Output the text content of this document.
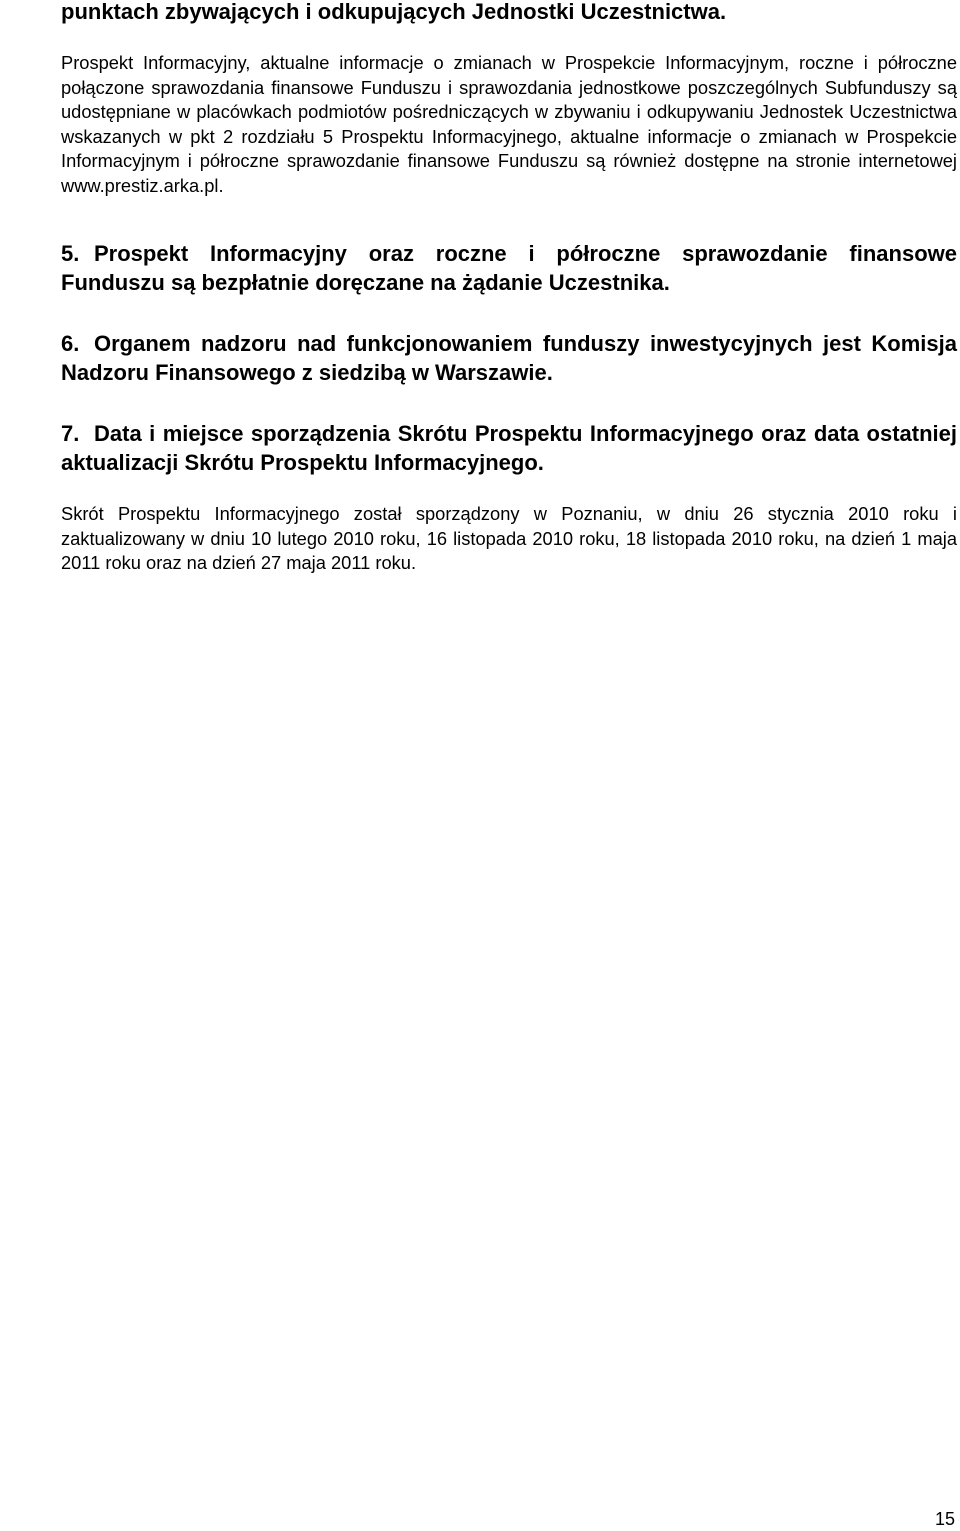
punktach zbywających i odkupujących Jednostki Uczestnictwa.

Prospekt Informacyjny, aktualne informacje o zmianach w Prospekcie Informacyjnym, roczne i półroczne połączone sprawozdania finansowe Funduszu i sprawozdania jednostkowe poszczególnych Subfunduszy są udostępniane w placówkach podmiotów pośredniczących w zbywaniu i odkupywaniu Jednostek Uczestnictwa wskazanych w pkt 2 rozdziału 5 Prospektu Informacyjnego, aktualne informacje o zmianach w Prospekcie Informacyjnym i półroczne sprawozdanie finansowe Funduszu są również dostępne na stronie internetowej www.prestiz.arka.pl.

5. Prospekt Informacyjny oraz roczne i półroczne sprawozdanie finansowe Funduszu są bezpłatnie doręczane na żądanie Uczestnika.
6. Organem nadzoru nad funkcjonowaniem funduszy inwestycyjnych jest Komisja Nadzoru Finansowego z siedzibą w Warszawie.
7. Data i miejsce sporządzenia Skrótu Prospektu Informacyjnego oraz data ostatniej aktualizacji Skrótu Prospektu Informacyjnego.

Skrót Prospektu Informacyjnego został sporządzony w Poznaniu, w dniu 26 stycznia 2010 roku i zaktualizowany w dniu 10 lutego 2010 roku, 16 listopada 2010 roku, 18 listopada 2010 roku, na dzień 1 maja 2011 roku oraz na dzień 27 maja 2011 roku.

15
